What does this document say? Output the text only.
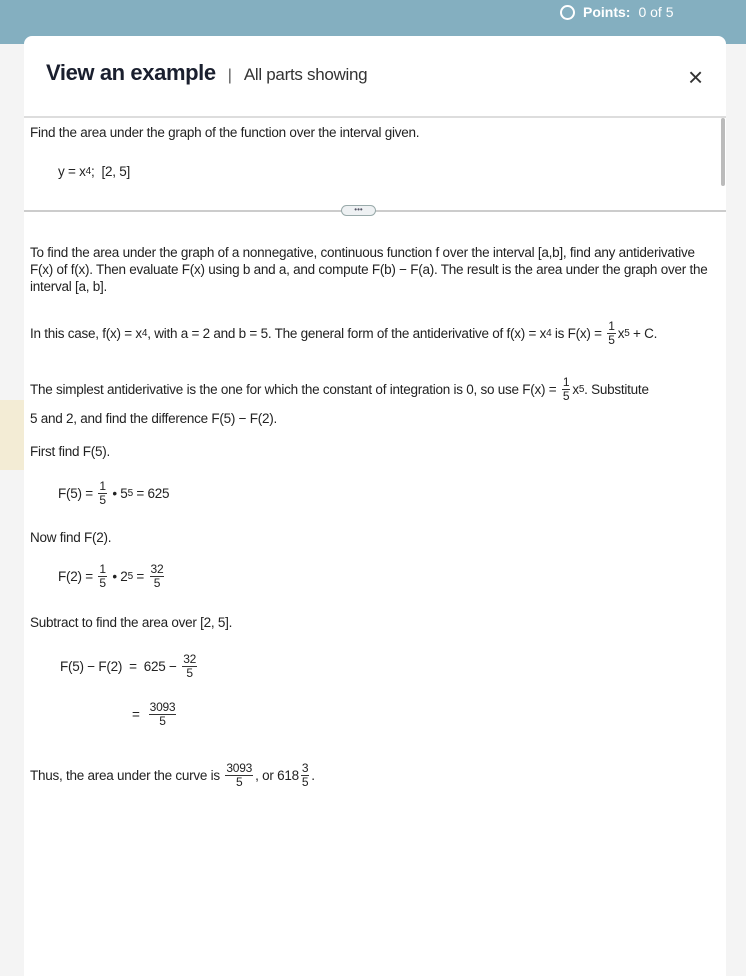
Points: 0 of 5
View an example | All parts showing	×
Find the area under the graph of the function over the interval given.
y = x 4 ;  [2, 5]
•••
To find the area under the graph of a nonnegative, continuous function f over the interval [a,b], find any antiderivative F(x) of f(x). Then evaluate F(x) using b and a, and compute F(b) − F(a). The result is the area under the graph over the interval [a, b].
In this case, f(x) = x 4 , with a = 2 and b = 5. The general form of the antiderivative of f(x) = x 4 is $F(x) = \frac{1}{5}$ x 5 + C.
The simplest antiderivative is the one for which the constant of integration is 0, so use $F(x) = \frac{1}{5}$ x 5 . Substitute
5 and 2, and find the difference F(5) − F(2).
First find F(5).
$F(5) = \frac{1}{5}$ • 5 5 = 625
Now find F(2).
$F(2) = \frac{1}{5}$ • 2 $5 = \frac{32}{5}$
Subtract to find the area over [2, 5].
$F(5) - F(2) = 625 - \frac{32}{5}$
= $\frac{3093}{5}$
Thus, the area under the curve is $\frac{3093}{5}$ , or $618 \frac{3}{5}$ .
